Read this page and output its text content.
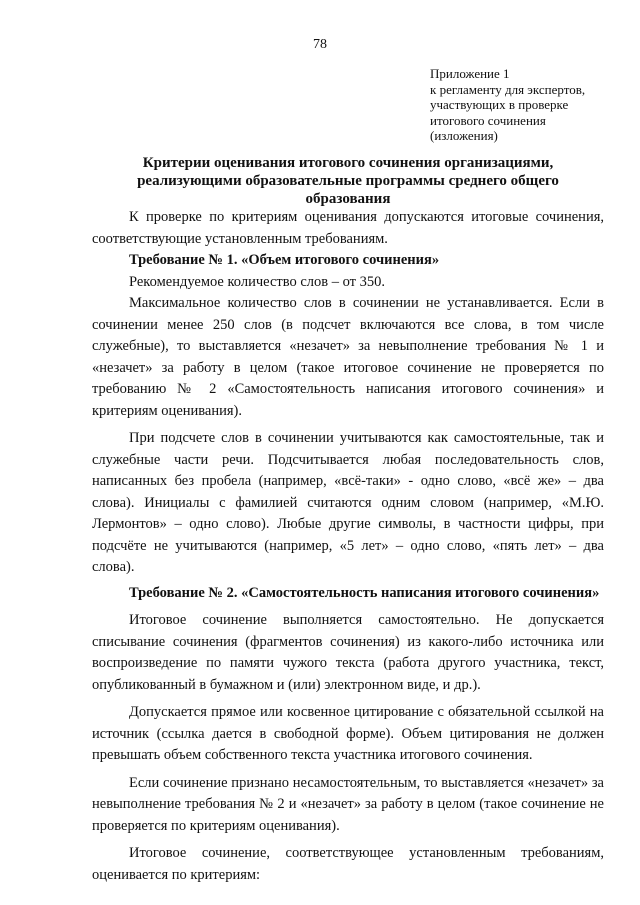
78
Приложение 1
к регламенту для экспертов,
участвующих в проверке
итогового сочинения
(изложения)
Критерии оценивания итогового сочинения организациями,
реализующими образовательные программы среднего общего
образования

К проверке по критериям оценивания допускаются итоговые сочинения, соответствующие установленным требованиям.

Требование № 1. «Объем итогового сочинения»

Рекомендуемое количество слов – от 350.

Максимальное количество слов в сочинении не устанавливается. Если в сочинении менее 250 слов (в подсчет включаются все слова, в том числе служебные), то выставляется «незачет» за невыполнение требования № 1 и «незачет» за работу в целом (такое итоговое сочинение не проверяется по требованию № 2 «Самостоятельность написания итогового сочинения» и критериям оценивания).

При подсчете слов в сочинении учитываются как самостоятельные, так и служебные части речи. Подсчитывается любая последовательность слов, написанных без пробела (например, «всё-таки» - одно слово, «всё же» – два слова). Инициалы с фамилией считаются одним словом (например, «М.Ю. Лермонтов» – одно слово). Любые другие символы, в частности цифры, при подсчёте не учитываются (например, «5 лет» – одно слово, «пять лет» – два слова).

Требование № 2. «Самостоятельность написания итогового сочинения»

Итоговое сочинение выполняется самостоятельно. Не допускается списывание сочинения (фрагментов сочинения) из какого-либо источника или воспроизведение по памяти чужого текста (работа другого участника, текст, опубликованный в бумажном и (или) электронном виде, и др.).

Допускается прямое или косвенное цитирование с обязательной ссылкой на источник (ссылка дается в свободной форме). Объем цитирования не должен превышать объем собственного текста участника итогового сочинения.

Если сочинение признано несамостоятельным, то выставляется «незачет» за невыполнение требования № 2 и «незачет» за работу в целом (такое сочинение не проверяется по критериям оценивания).

Итоговое сочинение, соответствующее установленным требованиям, оценивается по критериям:
